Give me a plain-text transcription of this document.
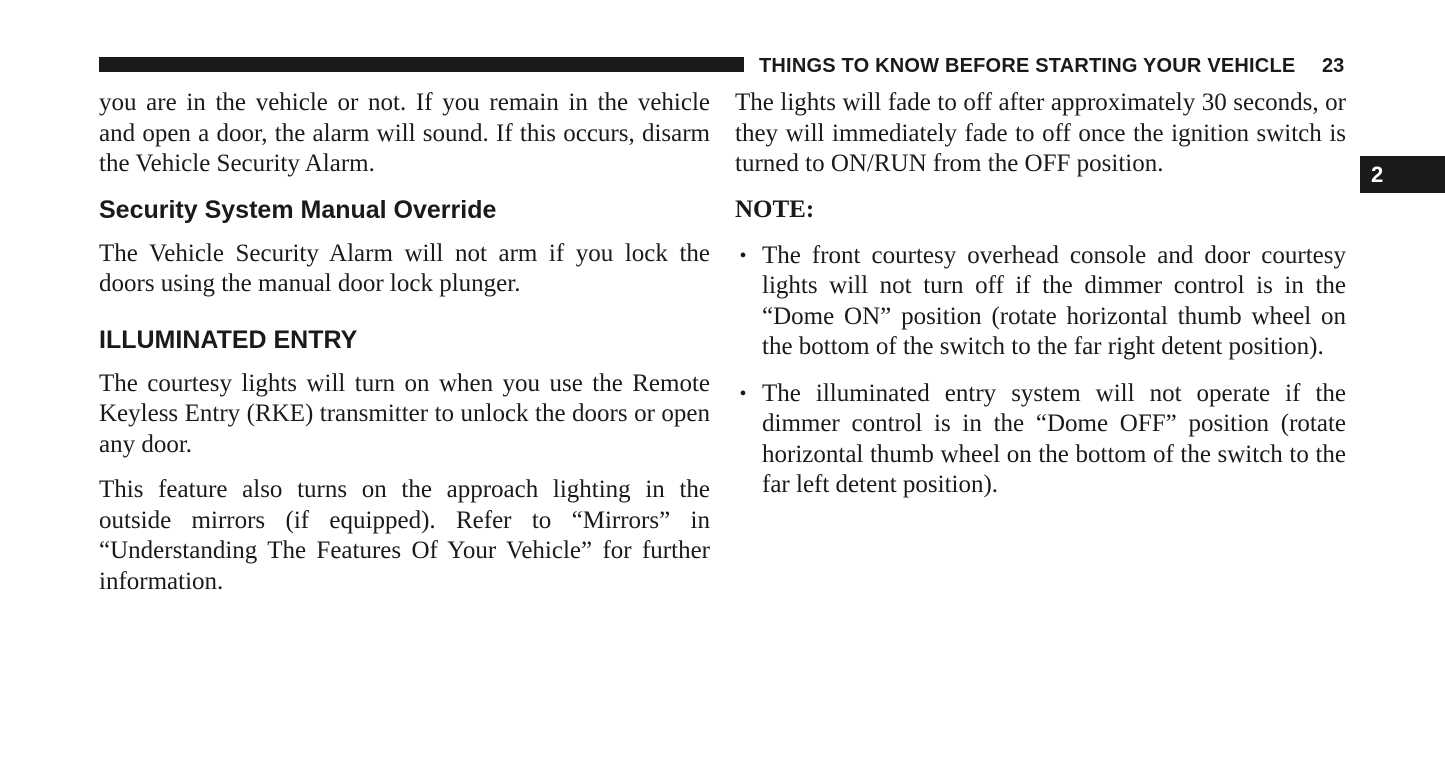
THINGS TO KNOW BEFORE STARTING YOUR VEHICLE 23
2

you are in the vehicle or not. If you remain in the vehicle and open a door, the alarm will sound. If this occurs, disarm the Vehicle Security Alarm.

Security System Manual Override

The Vehicle Security Alarm will not arm if you lock the doors using the manual door lock plunger.

ILLUMINATED ENTRY

The courtesy lights will turn on when you use the Remote Keyless Entry (RKE) transmitter to unlock the doors or open any door.

This feature also turns on the approach lighting in the outside mirrors (if equipped). Refer to “Mirrors” in “Understanding The Features Of Your Vehicle” for further information.

The lights will fade to off after approximately 30 seconds, or they will immediately fade to off once the ignition switch is turned to ON/RUN from the OFF position.

NOTE:
• The front courtesy overhead console and door courtesy lights will not turn off if the dimmer control is in the “Dome ON” position (rotate horizontal thumb wheel on the bottom of the switch to the far right detent position).
• The illuminated entry system will not operate if the dimmer control is in the “Dome OFF” position (rotate horizontal thumb wheel on the bottom of the switch to the far left detent position).
